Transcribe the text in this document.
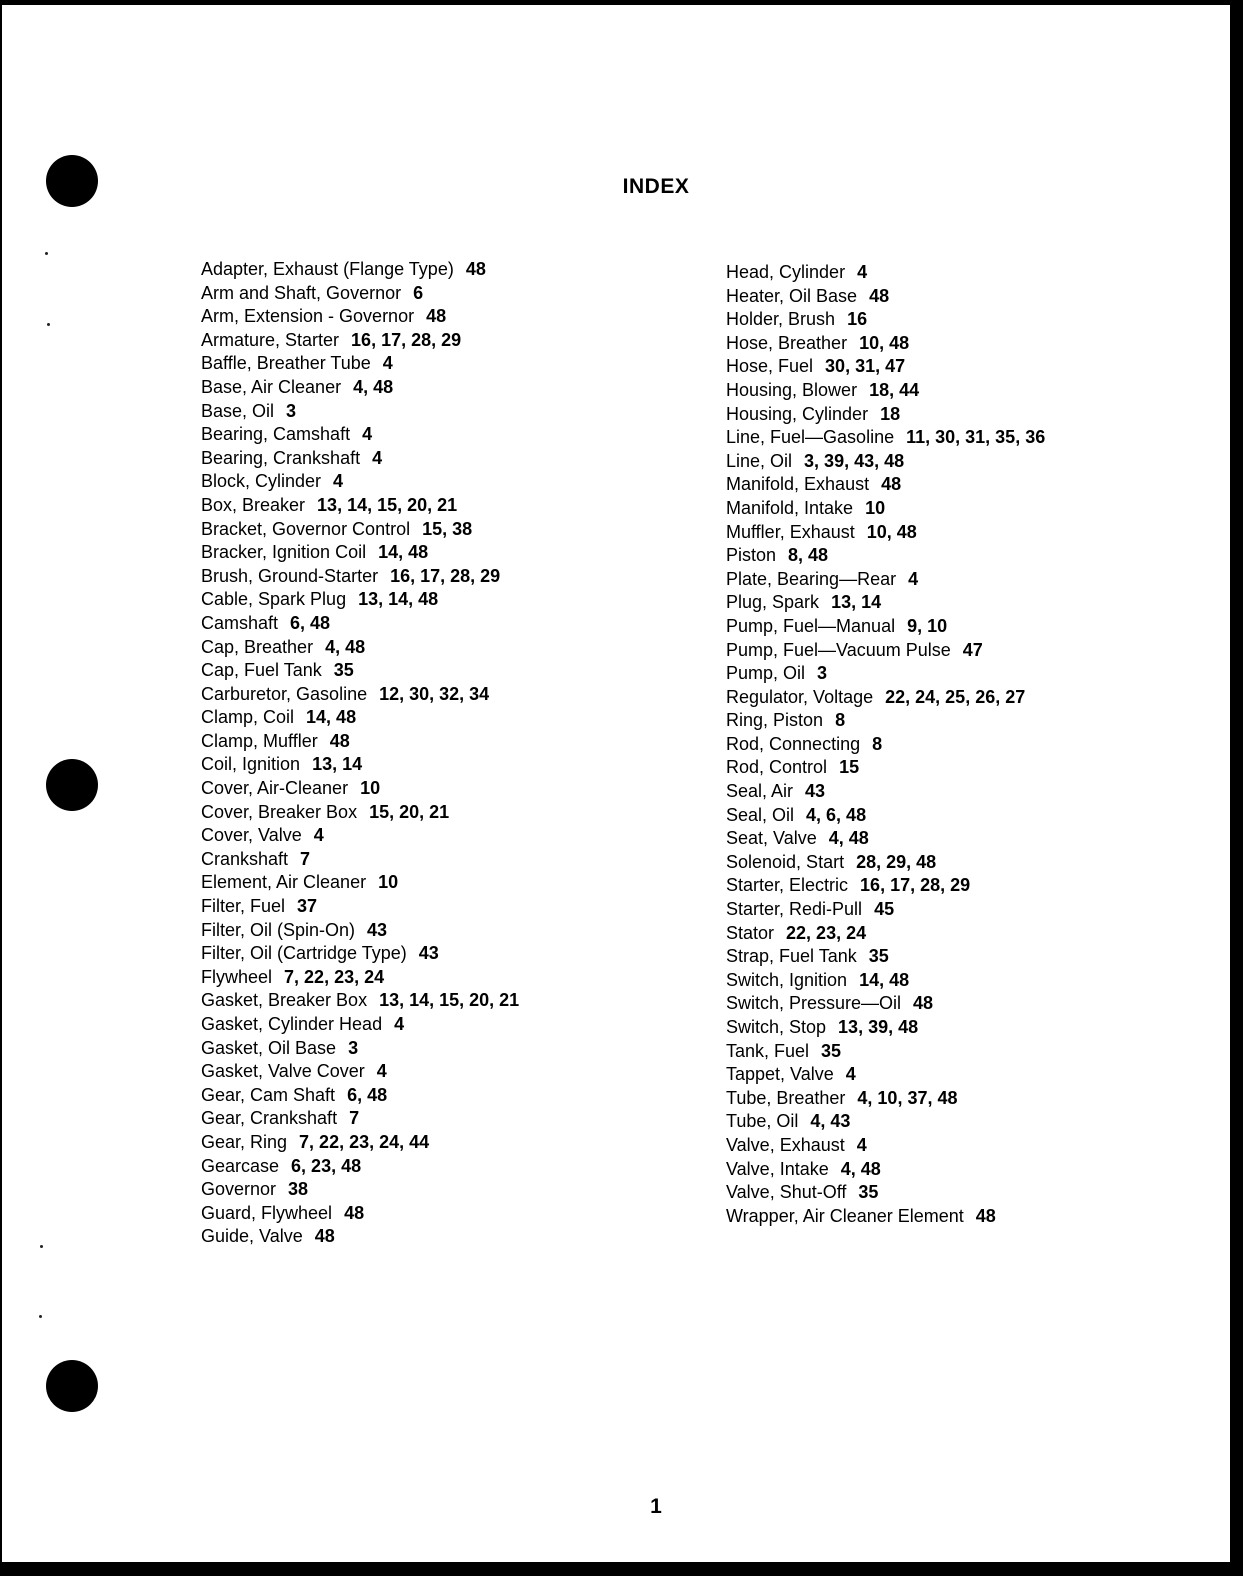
INDEX
Adapter, Exhaust (Flange Type) 48
Arm and Shaft, Governor 6
Arm, Extension - Governor 48
Armature, Starter 16, 17, 28, 29
Baffle, Breather Tube 4
Base, Air Cleaner 4, 48
Base, Oil 3
Bearing, Camshaft 4
Bearing, Crankshaft 4
Block, Cylinder 4
Box, Breaker 13, 14, 15, 20, 21
Bracket, Governor Control 15, 38
Bracker, Ignition Coil 14, 48
Brush, Ground-Starter 16, 17, 28, 29
Cable, Spark Plug 13, 14, 48
Camshaft 6, 48
Cap, Breather 4, 48
Cap, Fuel Tank 35
Carburetor, Gasoline 12, 30, 32, 34
Clamp, Coil 14, 48
Clamp, Muffler 48
Coil, Ignition 13, 14
Cover, Air-Cleaner 10
Cover, Breaker Box 15, 20, 21
Cover, Valve 4
Crankshaft 7
Element, Air Cleaner 10
Filter, Fuel 37
Filter, Oil (Spin-On) 43
Filter, Oil (Cartridge Type) 43
Flywheel 7, 22, 23, 24
Gasket, Breaker Box 13, 14, 15, 20, 21
Gasket, Cylinder Head 4
Gasket, Oil Base 3
Gasket, Valve Cover 4
Gear, Cam Shaft 6, 48
Gear, Crankshaft 7
Gear, Ring 7, 22, 23, 24, 44
Gearcase 6, 23, 48
Governor 38
Guard, Flywheel 48
Guide, Valve 48
Head, Cylinder 4
Heater, Oil Base 48
Holder, Brush 16
Hose, Breather 10, 48
Hose, Fuel 30, 31, 47
Housing, Blower 18, 44
Housing, Cylinder 18
Line, Fuel—Gasoline 11, 30, 31, 35, 36
Line, Oil 3, 39, 43, 48
Manifold, Exhaust 48
Manifold, Intake 10
Muffler, Exhaust 10, 48
Piston 8, 48
Plate, Bearing—Rear 4
Plug, Spark 13, 14
Pump, Fuel—Manual 9, 10
Pump, Fuel—Vacuum Pulse 47
Pump, Oil 3
Regulator, Voltage 22, 24, 25, 26, 27
Ring, Piston 8
Rod, Connecting 8
Rod, Control 15
Seal, Air 43
Seal, Oil 4, 6, 48
Seat, Valve 4, 48
Solenoid, Start 28, 29, 48
Starter, Electric 16, 17, 28, 29
Starter, Redi-Pull 45
Stator 22, 23, 24
Strap, Fuel Tank 35
Switch, Ignition 14, 48
Switch, Pressure—Oil 48
Switch, Stop 13, 39, 48
Tank, Fuel 35
Tappet, Valve 4
Tube, Breather 4, 10, 37, 48
Tube, Oil 4, 43
Valve, Exhaust 4
Valve, Intake 4, 48
Valve, Shut-Off 35
Wrapper, Air Cleaner Element 48
1
